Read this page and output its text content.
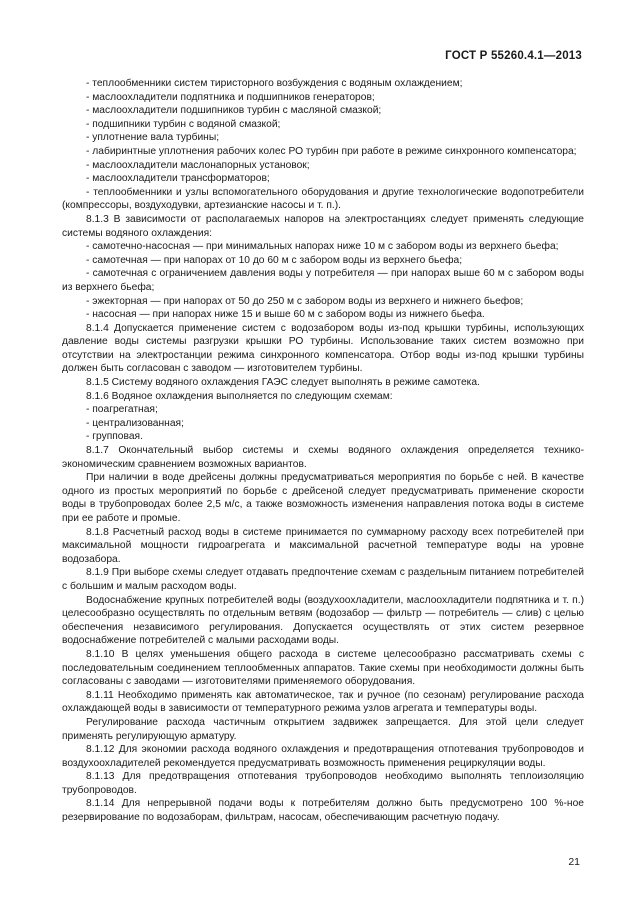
ГОСТ Р 55260.4.1—2013

- теплообменники систем тиристорного возбуждения с водяным охлаждением;

- маслоохладители подпятника и подшипников генераторов;

- маслоохладители подшипников турбин с масляной смазкой;

- подшипники турбин с водяной смазкой;

- уплотнение вала турбины;

- лабиринтные уплотнения рабочих колес РО турбин при работе в режиме синхронного компенсатора;

- маслоохладители маслонапорных установок;

- маслоохладители трансформаторов;

- теплообменники и узлы вспомогательного оборудования и другие технологические водопотребители (компрессоры, воздуходувки, артезианские насосы и т. п.).

8.1.3 В зависимости от располагаемых напоров на электростанциях следует применять следующие системы водяного охлаждения:

- самотечно-насосная — при минимальных напорах ниже 10 м с забором воды из верхнего бьефа;

- самотечная — при напорах от 10 до 60 м с забором воды из верхнего бьефа;

- самотечная с ограничением давления воды у потребителя — при напорах выше 60 м с забором воды из верхнего бьефа;

- эжекторная — при напорах от 50 до 250 м с забором воды из верхнего и нижнего бьефов;

- насосная — при напорах ниже 15 и выше 60 м с забором воды из нижнего бьефа.

8.1.4 Допускается применение систем с водозабором воды из-под крышки турбины, использующих давление воды системы разгрузки крышки РО турбины. Использование таких систем возможно при отсутствии на электростанции режима синхронного компенсатора. Отбор воды из-под крышки турбины должен быть согласован с заводом — изготовителем турбины.

8.1.5 Систему водяного охлаждения ГАЭС следует выполнять в режиме самотека.

8.1.6 Водяное охлаждения выполняется по следующим схемам:

- поагрегатная;

- централизованная;

- групповая.

8.1.7 Окончательный выбор системы и схемы водяного охлаждения определяется технико-экономическим сравнением возможных вариантов.

При наличии в воде дрейсены должны предусматриваться мероприятия по борьбе с ней. В качестве одного из простых мероприятий по борьбе с дрейсеной следует предусматривать применение скорости воды в трубопроводах более 2,5 м/с, а также возможность изменения направления потока воды в системе при ее работе и промые.

8.1.8 Расчетный расход воды в системе принимается по суммарному расходу всех потребителей при максимальной мощности гидроагрегата и максимальной расчетной температуре воды на уровне водозабора.

8.1.9 При выборе схемы следует отдавать предпочтение схемам с раздельным питанием потребителей с большим и малым расходом воды.

Водоснабжение крупных потребителей воды (воздухоохладители, маслоохладители подпятника и т. п.) целесообразно осуществлять по отдельным ветвям (водозабор — фильтр — потребитель — слив) с целью обеспечения независимого регулирования. Допускается осуществлять от этих систем резервное водоснабжение потребителей с малыми расходами воды.

8.1.10 В целях уменьшения общего расхода в системе целесообразно рассматривать схемы с последовательным соединением теплообменных аппаратов. Такие схемы при необходимости должны быть согласованы с заводами — изготовителями применяемого оборудования.

8.1.11 Необходимо применять как автоматическое, так и ручное (по сезонам) регулирование расхода охлаждающей воды в зависимости от температурного режима узлов агрегата и температуры воды.

Регулирование расхода частичным открытием задвижек запрещается. Для этой цели следует применять регулирующую арматуру.

8.1.12 Для экономии расхода водяного охлаждения и предотвращения отпотевания трубопроводов и воздухоохладителей рекомендуется предусматривать возможность применения рециркуляции воды.

8.1.13 Для предотвращения отпотевания трубопроводов необходимо выполнять теплоизоляцию трубопроводов.

8.1.14 Для непрерывной подачи воды к потребителям должно быть предусмотрено 100 %-ное резервирование по водозаборам, фильтрам, насосам, обеспечивающим расчетную подачу.

21
